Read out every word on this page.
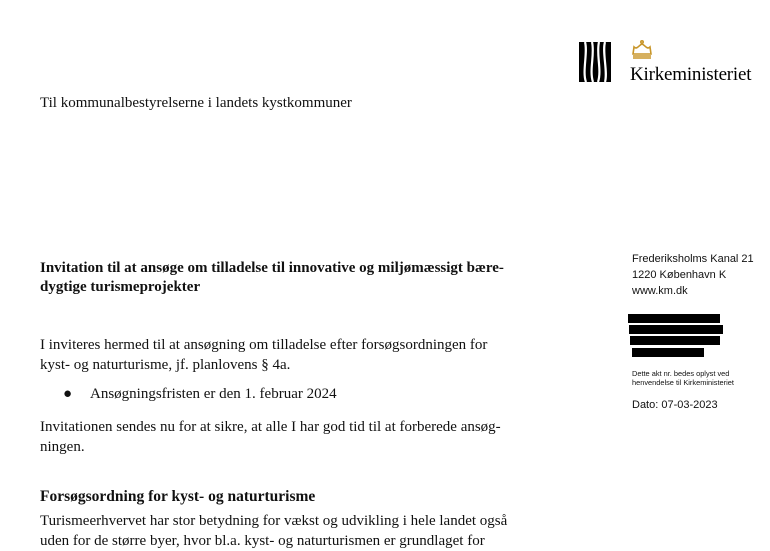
Kirkeministeriet
Til kommunalbestyrelserne i landets kystkommuner
Invitation til at ansøge om tilladelse til innovative og miljømæssigt bære-
dygtige turismeprojekter
I inviteres hermed til at ansøgning om tilladelse efter forsøgsordningen for
kyst- og naturturisme, jf. planlovens § 4a.
● Ansøgningsfristen er den 1. februar 2024
Invitationen sendes nu for at sikre, at alle I har god tid til at forberede ansøg-
ningen.
Forsøgsordning for kyst- og naturturisme
Turismeerhvervet har stor betydning for vækst og udvikling i hele landet også
uden for de større byer, hvor bl.a. kyst- og naturturismen er grundlaget for
Frederiksholms Kanal 21
1220 København K
www.km.dk
Dette akt nr. bedes oplyst ved
henvendelse til Kirkeministeriet
Dato: 07-03-2023
